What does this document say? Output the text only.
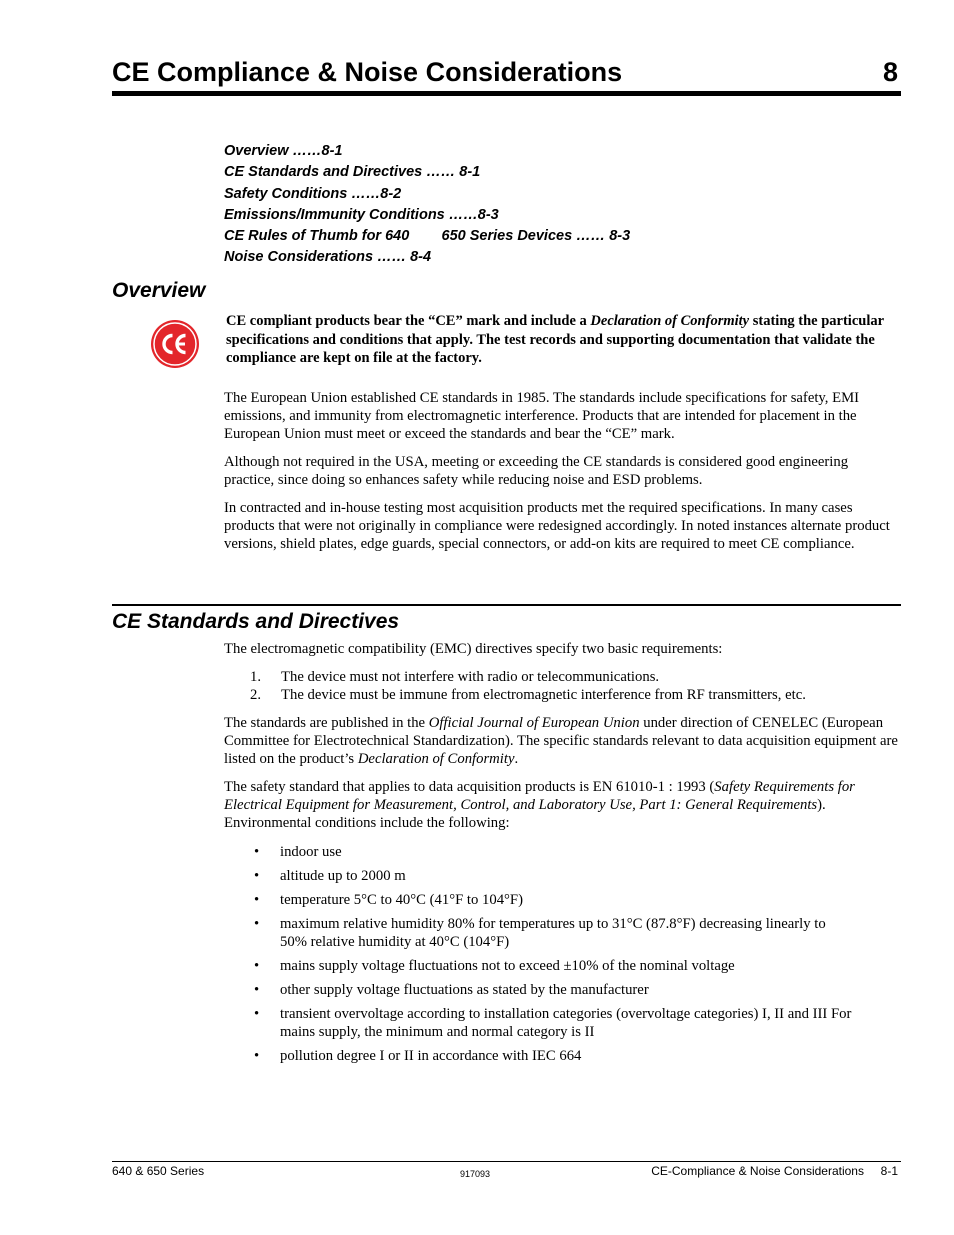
CE Compliance & Noise Considerations	8
Overview ……8-1
CE Standards and Directives …… 8-1
Safety Conditions ……8-2
Emissions/Immunity Conditions ……8-3
CE Rules of Thumb for 640        650 Series Devices …… 8-3
Noise Considerations …… 8-4
Overview
CE compliant products bear the “CE” mark and include a Declaration of Conformity stating the particular specifications and conditions that apply. The test records and supporting documentation that validate the compliance are kept on file at the factory.
The European Union established CE standards in 1985. The standards include specifications for safety, EMI emissions, and immunity from electromagnetic interference. Products that are intended for placement in the European Union must meet or exceed the standards and bear the “CE” mark.
Although not required in the USA, meeting or exceeding the CE standards is considered good engineering practice, since doing so enhances safety while reducing noise and ESD problems.
In contracted and in-house testing most acquisition products met the required specifications. In many cases products that were not originally in compliance were redesigned accordingly. In noted instances alternate product versions, shield plates, edge guards, special connectors, or add-on kits are required to meet CE compliance.
CE Standards and Directives
The electromagnetic compatibility (EMC) directives specify two basic requirements:
1. The device must not interfere with radio or telecommunications.
2. The device must be immune from electromagnetic interference from RF transmitters, etc.
The standards are published in the Official Journal of European Union under direction of CENELEC (European Committee for Electrotechnical Standardization). The specific standards relevant to data acquisition equipment are listed on the product’s Declaration of Conformity.
The safety standard that applies to data acquisition products is EN 61010-1 : 1993 (Safety Requirements for Electrical Equipment for Measurement, Control, and Laboratory Use, Part 1: General Requirements). Environmental conditions include the following:
• indoor use
• altitude up to 2000 m
• temperature 5°C to 40°C (41°F to 104°F)
• maximum relative humidity 80% for temperatures up to 31°C (87.8°F) decreasing linearly to 50% relative humidity at 40°C (104°F)
• mains supply voltage fluctuations not to exceed ±10% of the nominal voltage
• other supply voltage fluctuations as stated by the manufacturer
• transient overvoltage according to installation categories (overvoltage categories) I, II and III For mains supply, the minimum and normal category is II
• pollution degree I or II in accordance with IEC 664
640 & 650 Series	917093	CE-Compliance & Noise Considerations     8-1
